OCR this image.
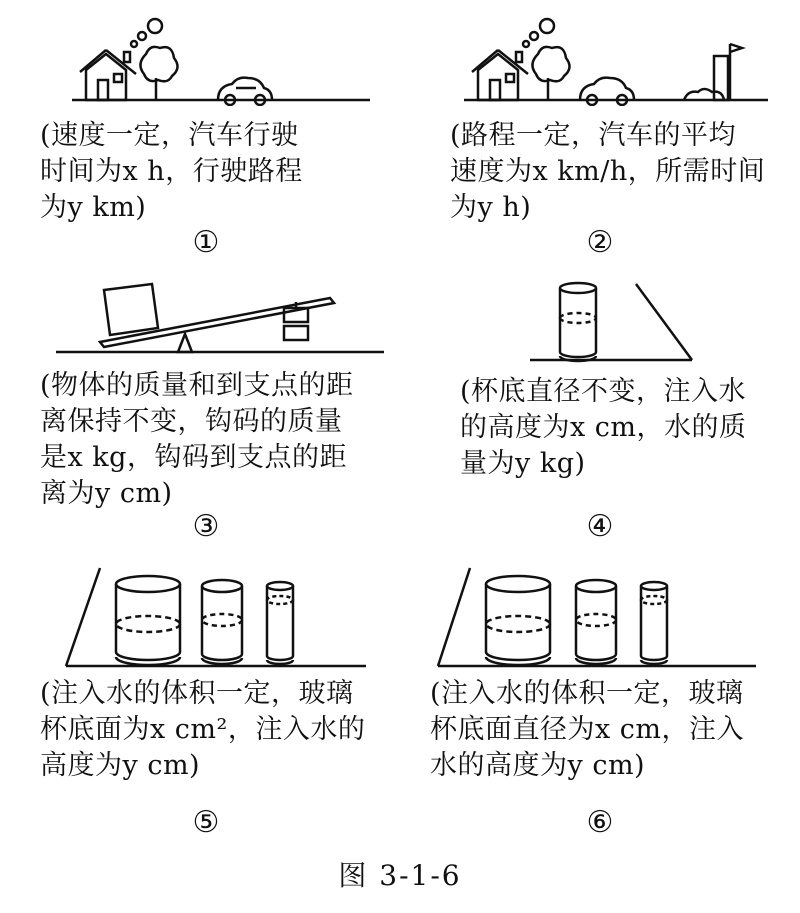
(速度一定，汽车行驶
时间为x h，行驶路程
为y km)
①
(路程一定，汽车的平均
速度为x km/h，所需时间
为y h)
②
(物体的质量和到支点的距
离保持不变，钩码的质量
是x kg，钩码到支点的距
离为y cm)
③
(杯底直径不变，注入水
的高度为x cm，水的质
量为y kg)
④
(注入水的体积一定，玻璃
杯底面为x cm²，注入水的
高度为y cm)
⑤
(注入水的体积一定，玻璃
杯底面直径为x cm，注入
水的高度为y cm)
⑥
图 3-1-6
